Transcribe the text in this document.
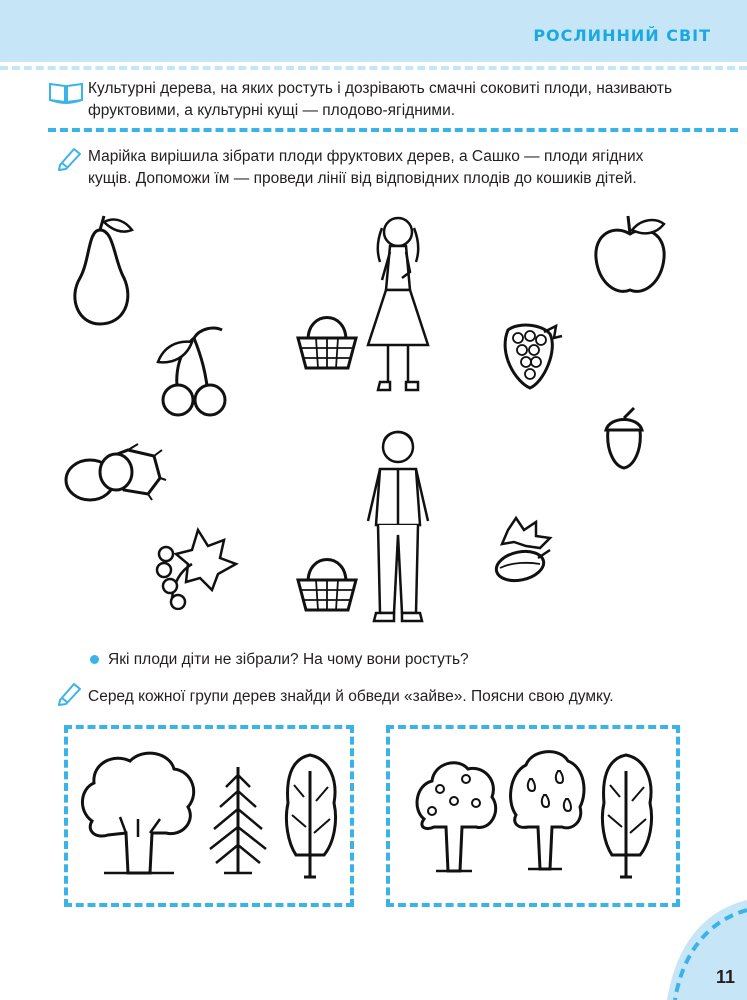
РОСЛИННИЙ СВІТ
Культурні дерева, на яких ростуть і дозрівають смачні соковиті плоди, називають фруктовими, а культурні кущі — плодово-ягідними.
Марійка вирішила зібрати плоди фруктових дерев, а Сашко — плоди ягідних
кущів. Допоможи їм — проведи лінії від відповідних плодів до кошиків дітей.
Які плоди діти не зібрали? На чому вони ростуть?
Серед кожної групи дерев знайди й обведи «зайве». Поясни свою думку.
11
